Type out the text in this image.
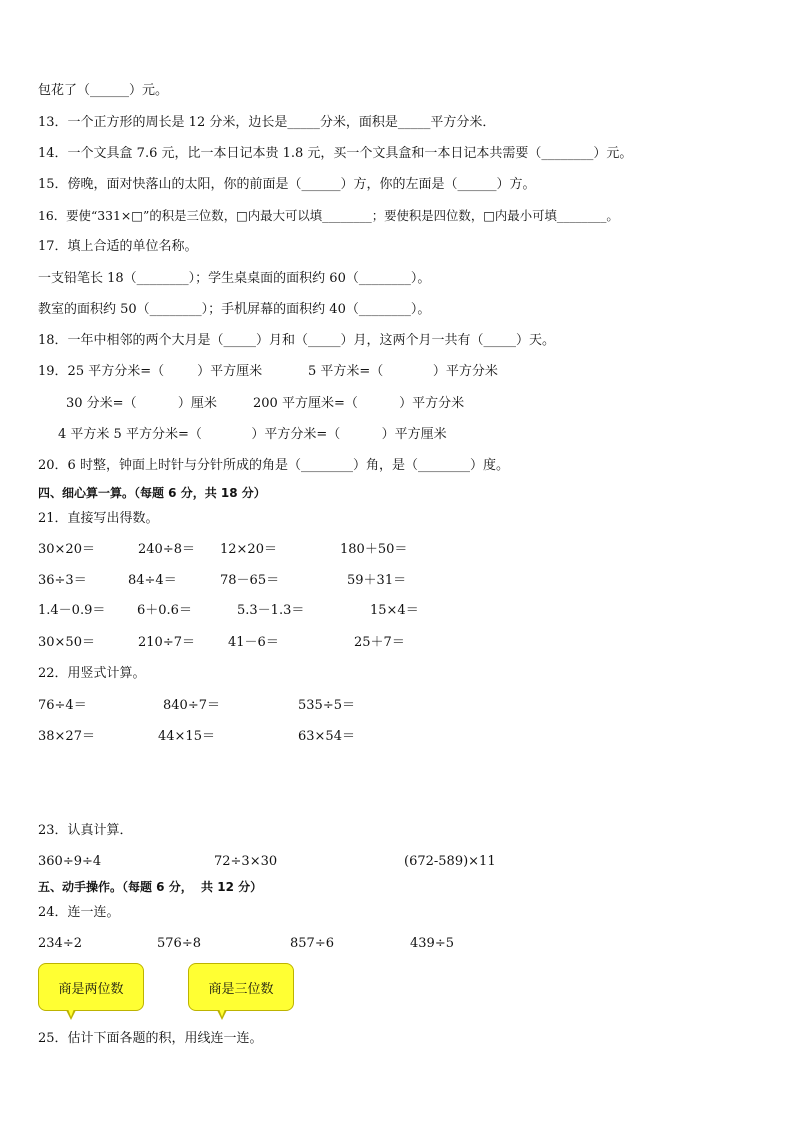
包花了（______）元。
13．一个正方形的周长是 12 分米，边长是_____分米，面积是_____平方分米．
14．一个文具盒 7.6 元，比一本日记本贵 1.8 元，买一个文具盒和一本日记本共需要（________）元。
15．傍晚，面对快落山的太阳，你的前面是（______）方，你的左面是（______）方。
16．要使“331×□”的积是三位数，□内最大可以填________；要使积是四位数，□内最小可填________。
17．填上合适的单位名称。
一支铅笔长 18（________）；学生桌桌面的面积约 60（________）。
教室的面积约 50（________）；手机屏幕的面积约 40（________）。
18．一年中相邻的两个大月是（_____）月和（_____）月，这两个月一共有（_____）天。
19．25 平方分米=（        ）平方厘米	5 平方米=（            ）平方分米
30 分米=（          ）厘米	200 平方厘米=（          ）平方分米
4 平方米 5 平方分米=（            ）平方分米=（          ）平方厘米
20．6 时整，钟面上时针与分针所成的角是（________）角，是（________）度。
四、细心算一算。（每题 6 分，共 18 分）
21．直接写出得数。
30×20＝	240÷8＝ 12×20＝	180＋50＝
36÷3＝	84÷4＝	78－65＝	59＋31＝
1.4－0.9＝ 6＋0.6＝	5.3－1.3＝	15×4＝
30×50＝	210÷7＝	41－6＝	25＋7＝
22．用竖式计算。
76÷4＝	840÷7＝	535÷5＝
38×27＝	44×15＝	63×54＝
23．认真计算．
360÷9÷4	72÷3×30	(672-589)×11
五、动手操作。（每题 6 分，  共 12 分）
24．连一连。
234÷2	576÷8	857÷6	439÷5
商是两位数	商是三位数
25．估计下面各题的积，用线连一连。
